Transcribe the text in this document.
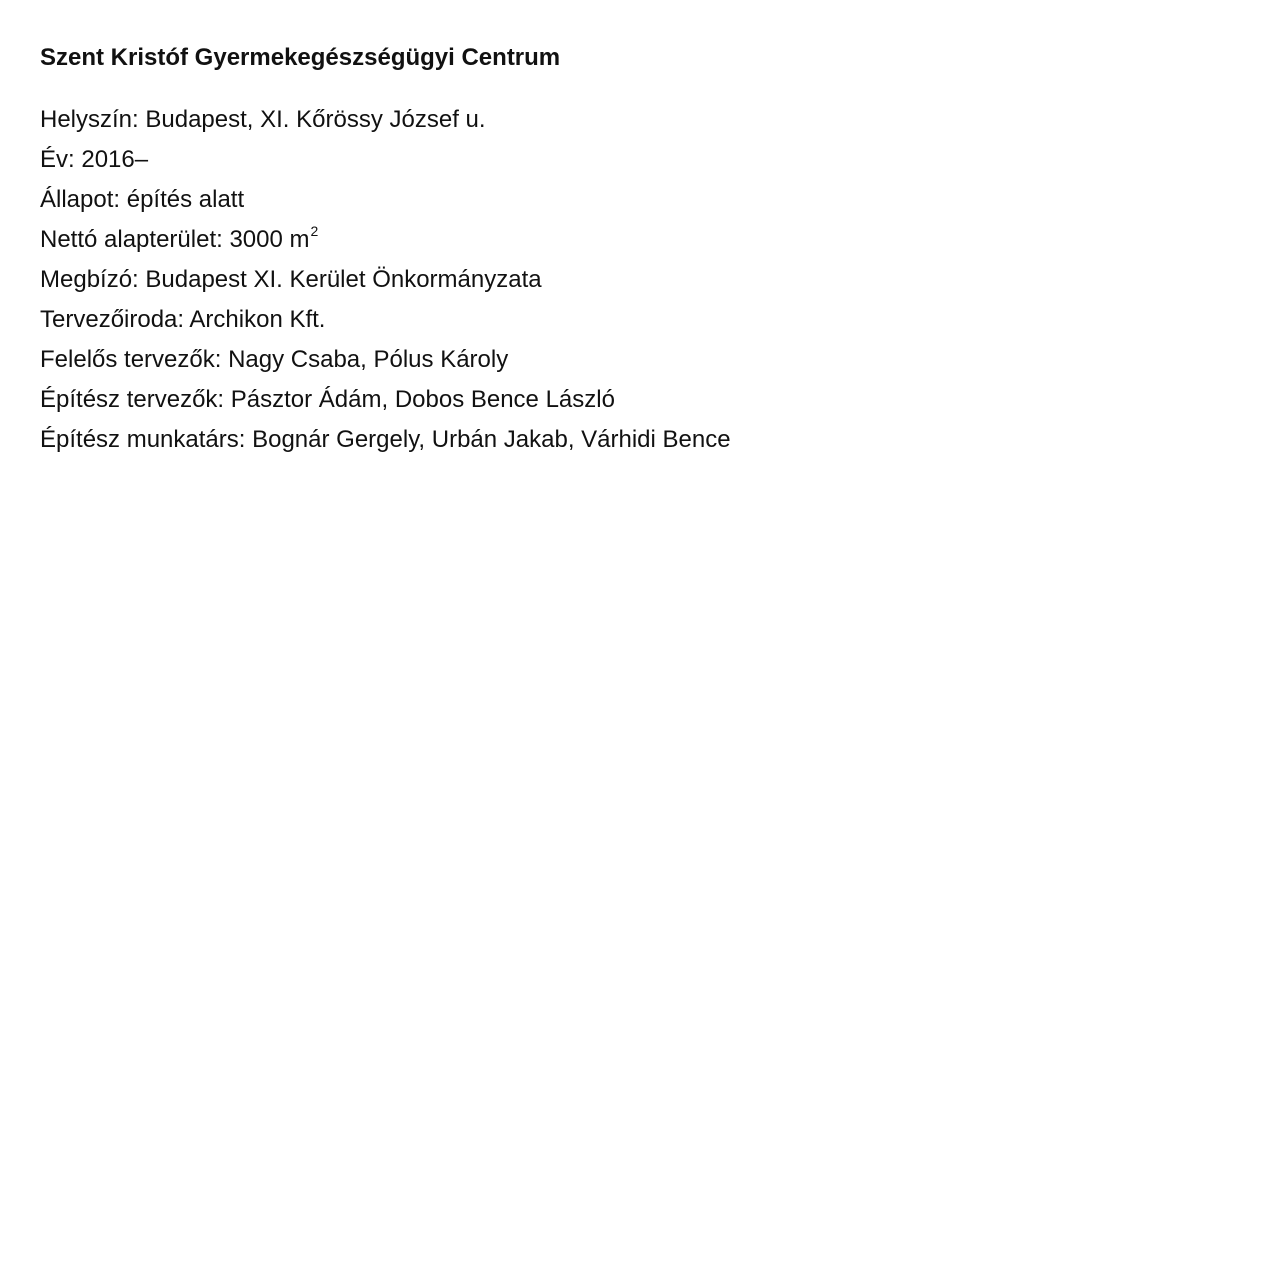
Szent Kristóf Gyermekegészségügyi Centrum
Helyszín: Budapest, XI. Kőrössy József u.
Év: 2016–
Állapot: építés alatt
Nettó alapterület: 3000 $m^2$
Megbízó: Budapest XI. Kerület Önkormányzata
Tervezőiroda: Archikon Kft.
Felelős tervezők: Nagy Csaba, Pólus Károly
Építész tervezők: Pásztor Ádám, Dobos Bence László
Építész munkatárs: Bognár Gergely, Urbán Jakab, Várhidi Bence
